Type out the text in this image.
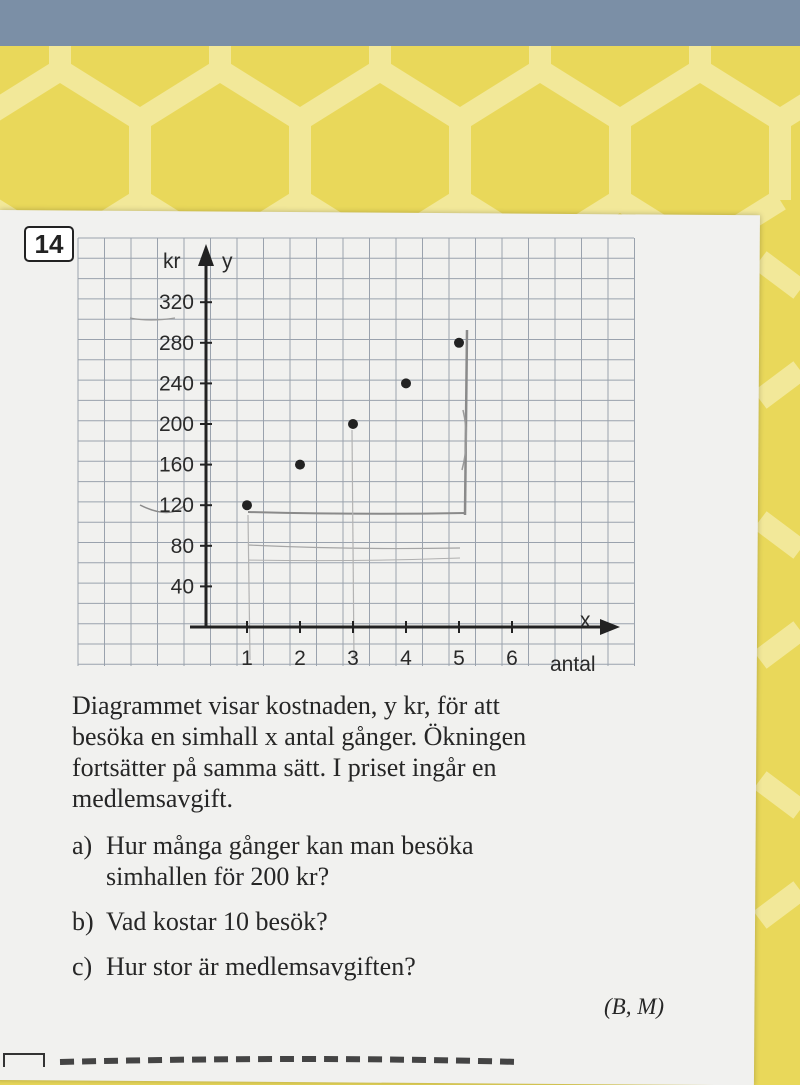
14
40
80
120
160
200
240
280
320
1 2 3 4 5 6
kr y
x
antal

Diagrammet visar kostnaden, y kr, för att

besöka en simhall x antal gånger. Ökningen

fortsätter på samma sätt. I priset ingår en

medlemsavgift.

a) Hur många gånger kan man besöka
simhallen för 200 kr?
b) Vad kostar 10 besök?
c) Hur stor är medlemsavgiften?
(B, M)
